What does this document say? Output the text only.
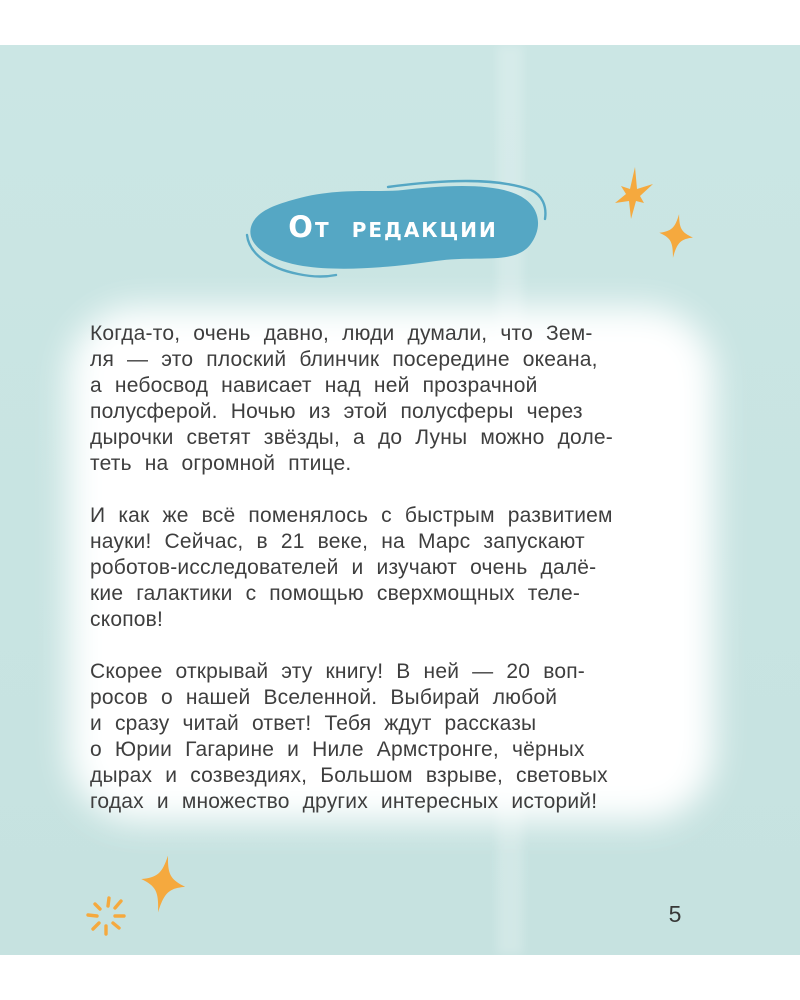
От редакции
Когда-то, очень давно, люди думали, что Зем-
ля — это плоский блинчик посередине океана,
а небосвод нависает над ней прозрачной
полусферой. Ночью из этой полусферы через
дырочки светят звёзды, а до Луны можно доле-
теть на огромной птице.
И как же всё поменялось с быстрым развитием
науки! Сейчас, в 21 веке, на Марс запускают
роботов-исследователей и изучают очень далё-
кие галактики с помощью сверхмощных теле-
скопов!
Скорее открывай эту книгу! В ней — 20 воп-
росов о нашей Вселенной. Выбирай любой
и сразу читай ответ! Тебя ждут рассказы
о Юрии Гагарине и Ниле Армстронге, чёрных
дырах и созвездиях, Большом взрыве, световых
годах и множество других интересных историй!
5
